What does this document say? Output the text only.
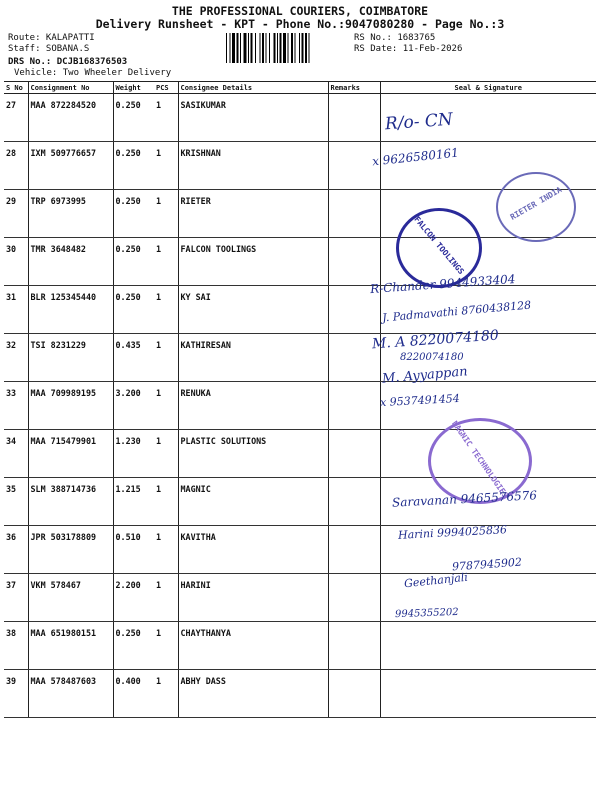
THE PROFESSIONAL COURIERS, COIMBATORE
Delivery Runsheet - KPT - Phone No.:9047080280 - Page No.:3
Route: KALAPATTI
Staff: SOBANA.S
DRS No.: DCJB168376503
Vehicle: Two Wheeler Delivery
RS No.: 1683765
RS Date: 11-Feb-2026
S No	Consignment No	Weight	PCS	Consignee Details	Remarks	Seal & Signature
27	MAA 872284520	0.250	1	SASIKUMAR		
28	IXM 509776657	0.250	1	KRISHNAN		
29	TRP 6973995	0.250	1	RIETER		
30	TMR 3648482	0.250	1	FALCON TOOLINGS		
31	BLR 125345440	0.250	1	KY SAI		
32	TSI 8231229	0.435	1	KATHIRESAN		
33	MAA 709989195	3.200	1	RENUKA		
34	MAA 715479901	1.230	1	PLASTIC SOLUTIONS		
35	SLM 388714736	1.215	1	MAGNIC		
36	JPR 503178809	0.510	1	KAVITHA		
37	VKM 578467	2.200	1	HARINI		
38	MAA 651980151	0.250	1	CHAYTHANYA		
39	MAA 578487603	0.400	1	ABHY DASS		
RIETER INDIA
FALCON TOOLINGS
MAGNIC TECHNOLOGIES
R/o- CN
x 9626580161
R-Chander 9944933404
J. Padmavathi 8760438128
M. A 8220074180
8220074180
M. Ayyappan
x 9537491454
Saravanan 9465576576
Harini 9994025836
9787945902
Geethanjali
9945355202
